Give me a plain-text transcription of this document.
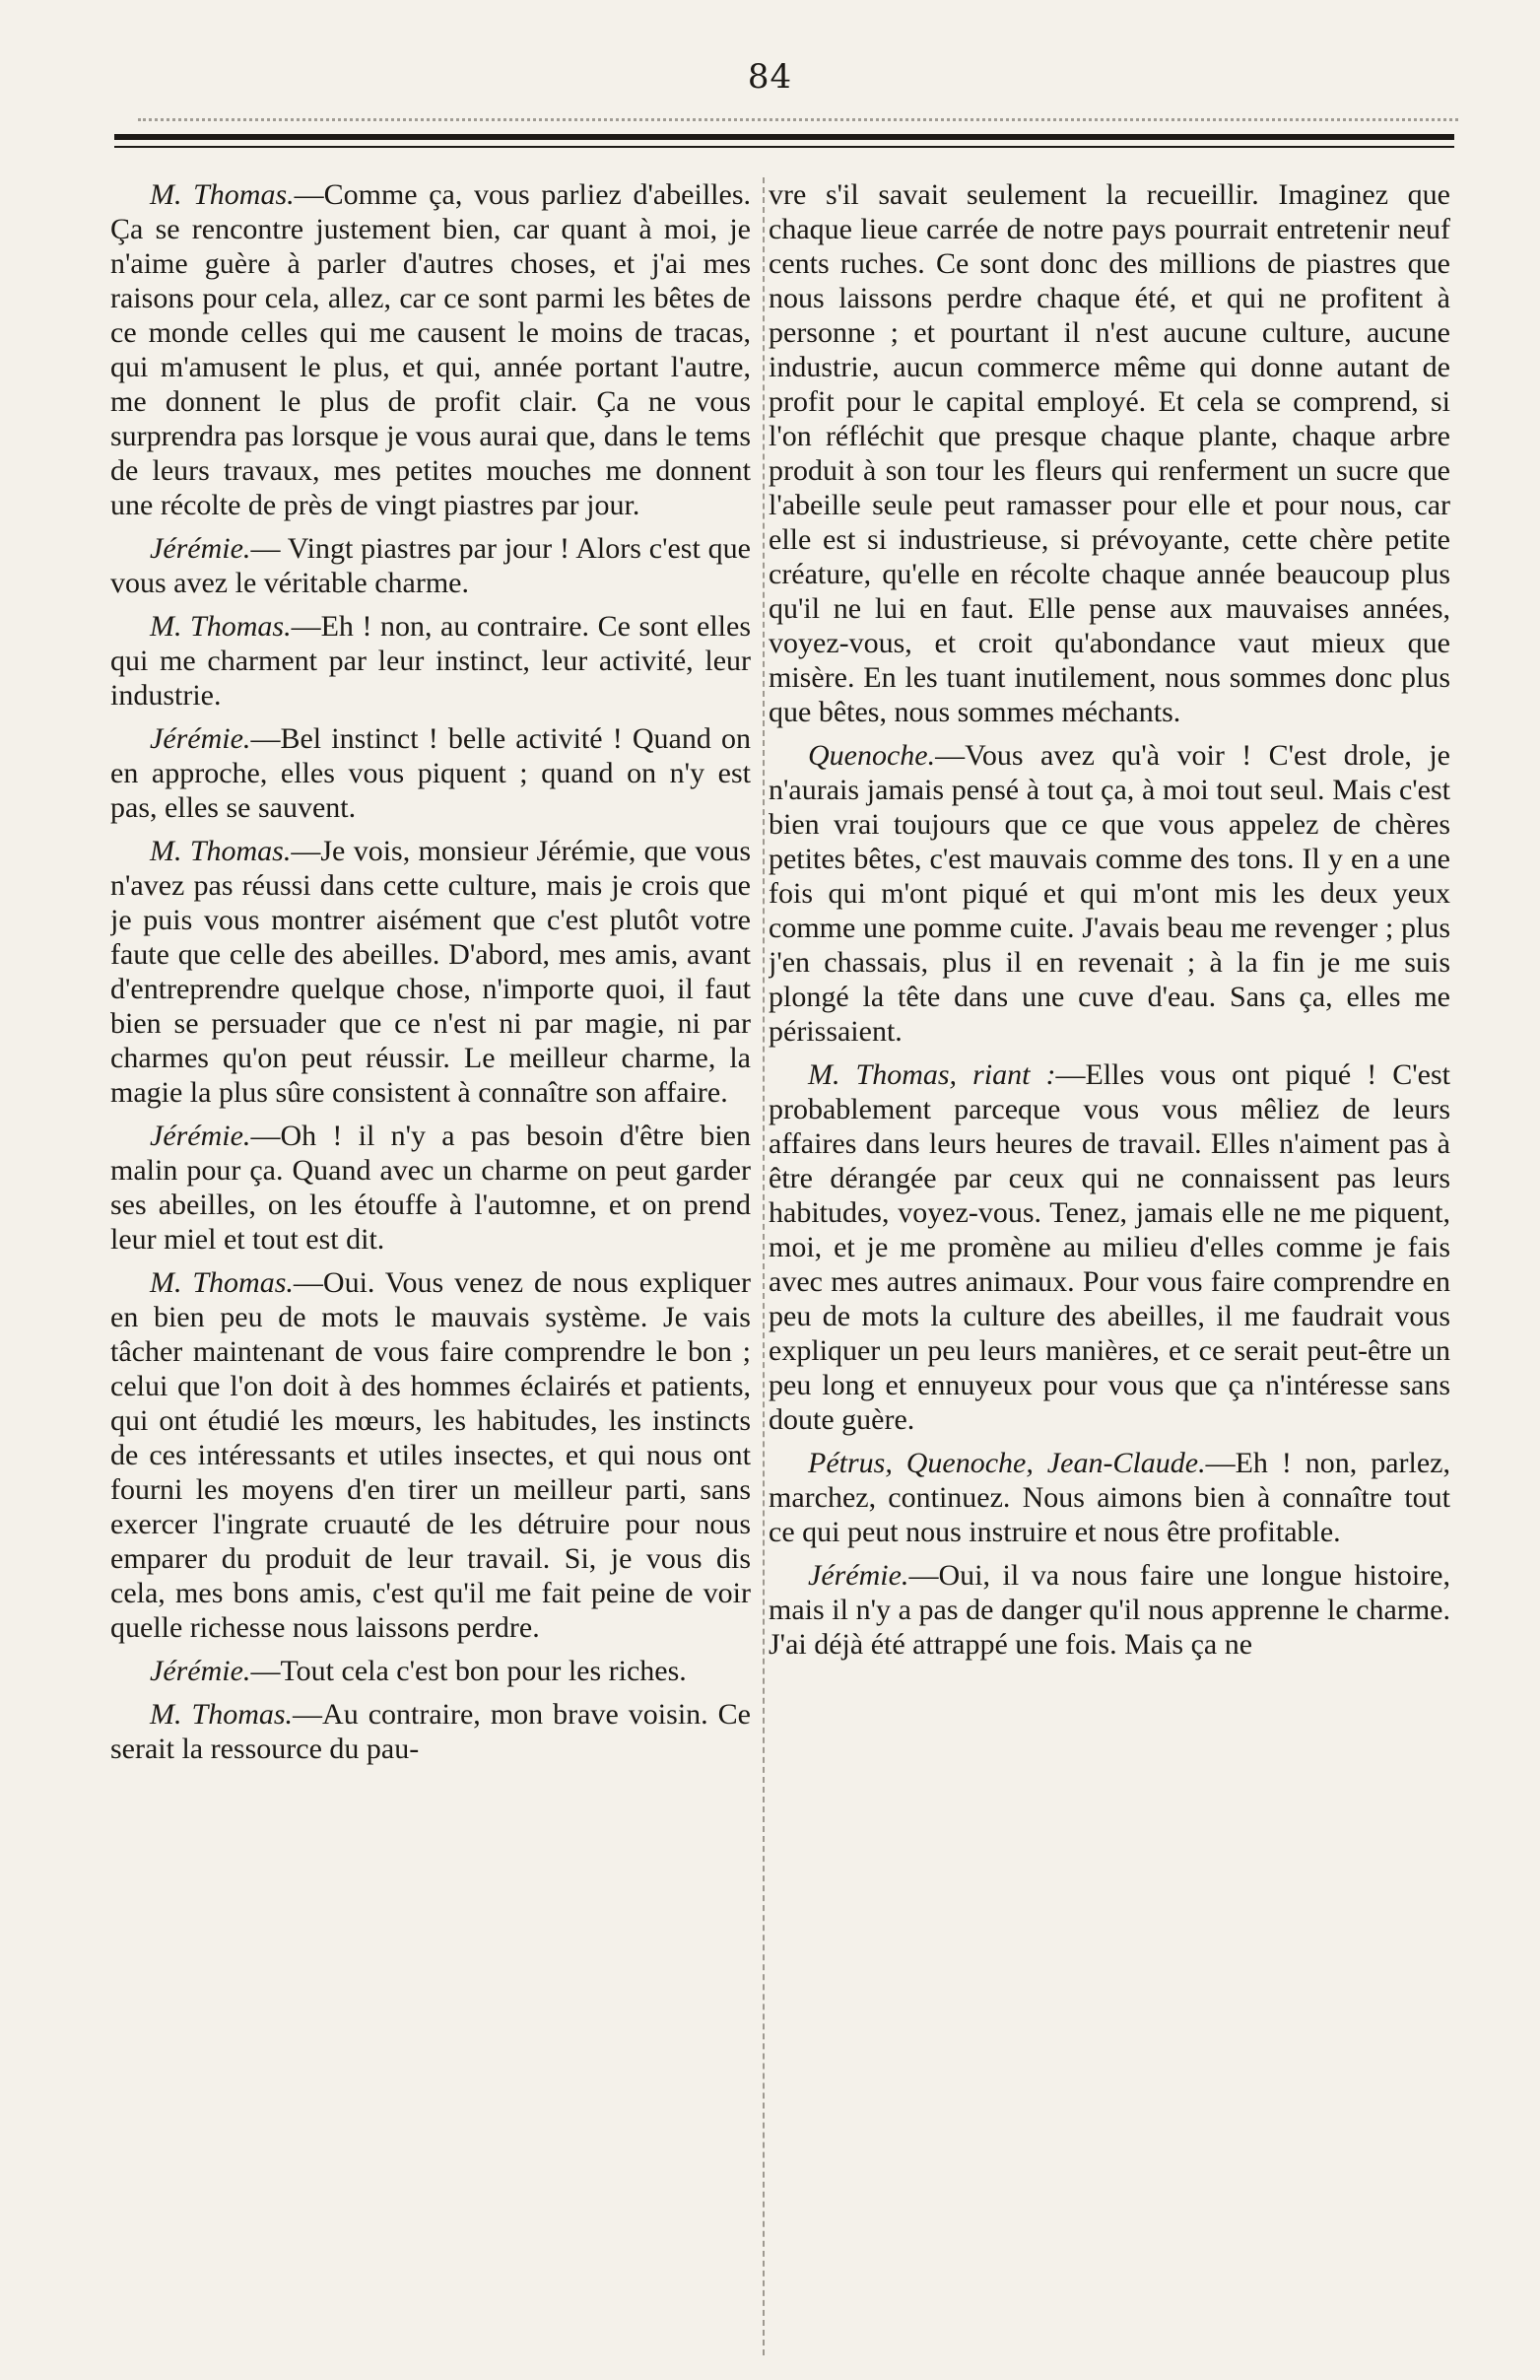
84

M. Thomas.—Comme ça, vous parliez d'abeilles. Ça se rencontre justement bien, car quant à moi, je n'aime guère à parler d'autres choses, et j'ai mes raisons pour cela, allez, car ce sont parmi les bêtes de ce monde celles qui me causent le moins de tracas, qui m'amusent le plus, et qui, année portant l'autre, me donnent le plus de profit clair. Ça ne vous surprendra pas lorsque je vous aurai que, dans le tems de leurs travaux, mes petites mouches me donnent une récolte de près de vingt piastres par jour.

Jérémie.— Vingt piastres par jour ! Alors c'est que vous avez le véritable charme.

M. Thomas.—Eh ! non, au contraire. Ce sont elles qui me charment par leur instinct, leur activité, leur industrie.

Jérémie.—Bel instinct ! belle activité ! Quand on en approche, elles vous piquent ; quand on n'y est pas, elles se sauvent.

M. Thomas.—Je vois, monsieur Jérémie, que vous n'avez pas réussi dans cette culture, mais je crois que je puis vous montrer aisément que c'est plutôt votre faute que celle des abeilles. D'abord, mes amis, avant d'entreprendre quelque chose, n'importe quoi, il faut bien se persuader que ce n'est ni par magie, ni par charmes qu'on peut réussir. Le meilleur charme, la magie la plus sûre consistent à connaître son affaire.

Jérémie.—Oh ! il n'y a pas besoin d'être bien malin pour ça. Quand avec un charme on peut garder ses abeilles, on les étouffe à l'automne, et on prend leur miel et tout est dit.

M. Thomas.—Oui. Vous venez de nous expliquer en bien peu de mots le mauvais système. Je vais tâcher maintenant de vous faire comprendre le bon ; celui que l'on doit à des hommes éclairés et patients, qui ont étudié les mœurs, les habitudes, les instincts de ces intéressants et utiles insectes, et qui nous ont fourni les moyens d'en tirer un meilleur parti, sans exercer l'ingrate cruauté de les détruire pour nous emparer du produit de leur travail. Si, je vous dis cela, mes bons amis, c'est qu'il me fait peine de voir quelle richesse nous laissons perdre.

Jérémie.—Tout cela c'est bon pour les riches.

M. Thomas.—Au contraire, mon brave voisin. Ce serait la ressource du pau-

vre s'il savait seulement la recueillir. Imaginez que chaque lieue carrée de notre pays pourrait entretenir neuf cents ruches. Ce sont donc des millions de piastres que nous laissons perdre chaque été, et qui ne profitent à personne ; et pourtant il n'est aucune culture, aucune industrie, aucun commerce même qui donne autant de profit pour le capital employé. Et cela se comprend, si l'on réfléchit que presque chaque plante, chaque arbre produit à son tour les fleurs qui renferment un sucre que l'abeille seule peut ramasser pour elle et pour nous, car elle est si industrieuse, si prévoyante, cette chère petite créature, qu'elle en récolte chaque année beaucoup plus qu'il ne lui en faut. Elle pense aux mauvaises années, voyez-vous, et croit qu'abondance vaut mieux que misère. En les tuant inutilement, nous sommes donc plus que bêtes, nous sommes méchants.

Quenoche.—Vous avez qu'à voir ! C'est drole, je n'aurais jamais pensé à tout ça, à moi tout seul. Mais c'est bien vrai toujours que ce que vous appelez de chères petites bêtes, c'est mauvais comme des tons. Il y en a une fois qui m'ont piqué et qui m'ont mis les deux yeux comme une pomme cuite. J'avais beau me revenger ; plus j'en chassais, plus il en revenait ; à la fin je me suis plongé la tête dans une cuve d'eau. Sans ça, elles me périssaient.

M. Thomas, riant :—Elles vous ont piqué ! C'est probablement parceque vous vous mêliez de leurs affaires dans leurs heures de travail. Elles n'aiment pas à être dérangée par ceux qui ne connaissent pas leurs habitudes, voyez-vous. Tenez, jamais elle ne me piquent, moi, et je me promène au milieu d'elles comme je fais avec mes autres animaux. Pour vous faire comprendre en peu de mots la culture des abeilles, il me faudrait vous expliquer un peu leurs manières, et ce serait peut-être un peu long et ennuyeux pour vous que ça n'intéresse sans doute guère.

Pétrus, Quenoche, Jean-Claude.—Eh ! non, parlez, marchez, continuez. Nous aimons bien à connaître tout ce qui peut nous instruire et nous être profitable.

Jérémie.—Oui, il va nous faire une longue histoire, mais il n'y a pas de danger qu'il nous apprenne le charme. J'ai déjà été attrappé une fois. Mais ça ne
